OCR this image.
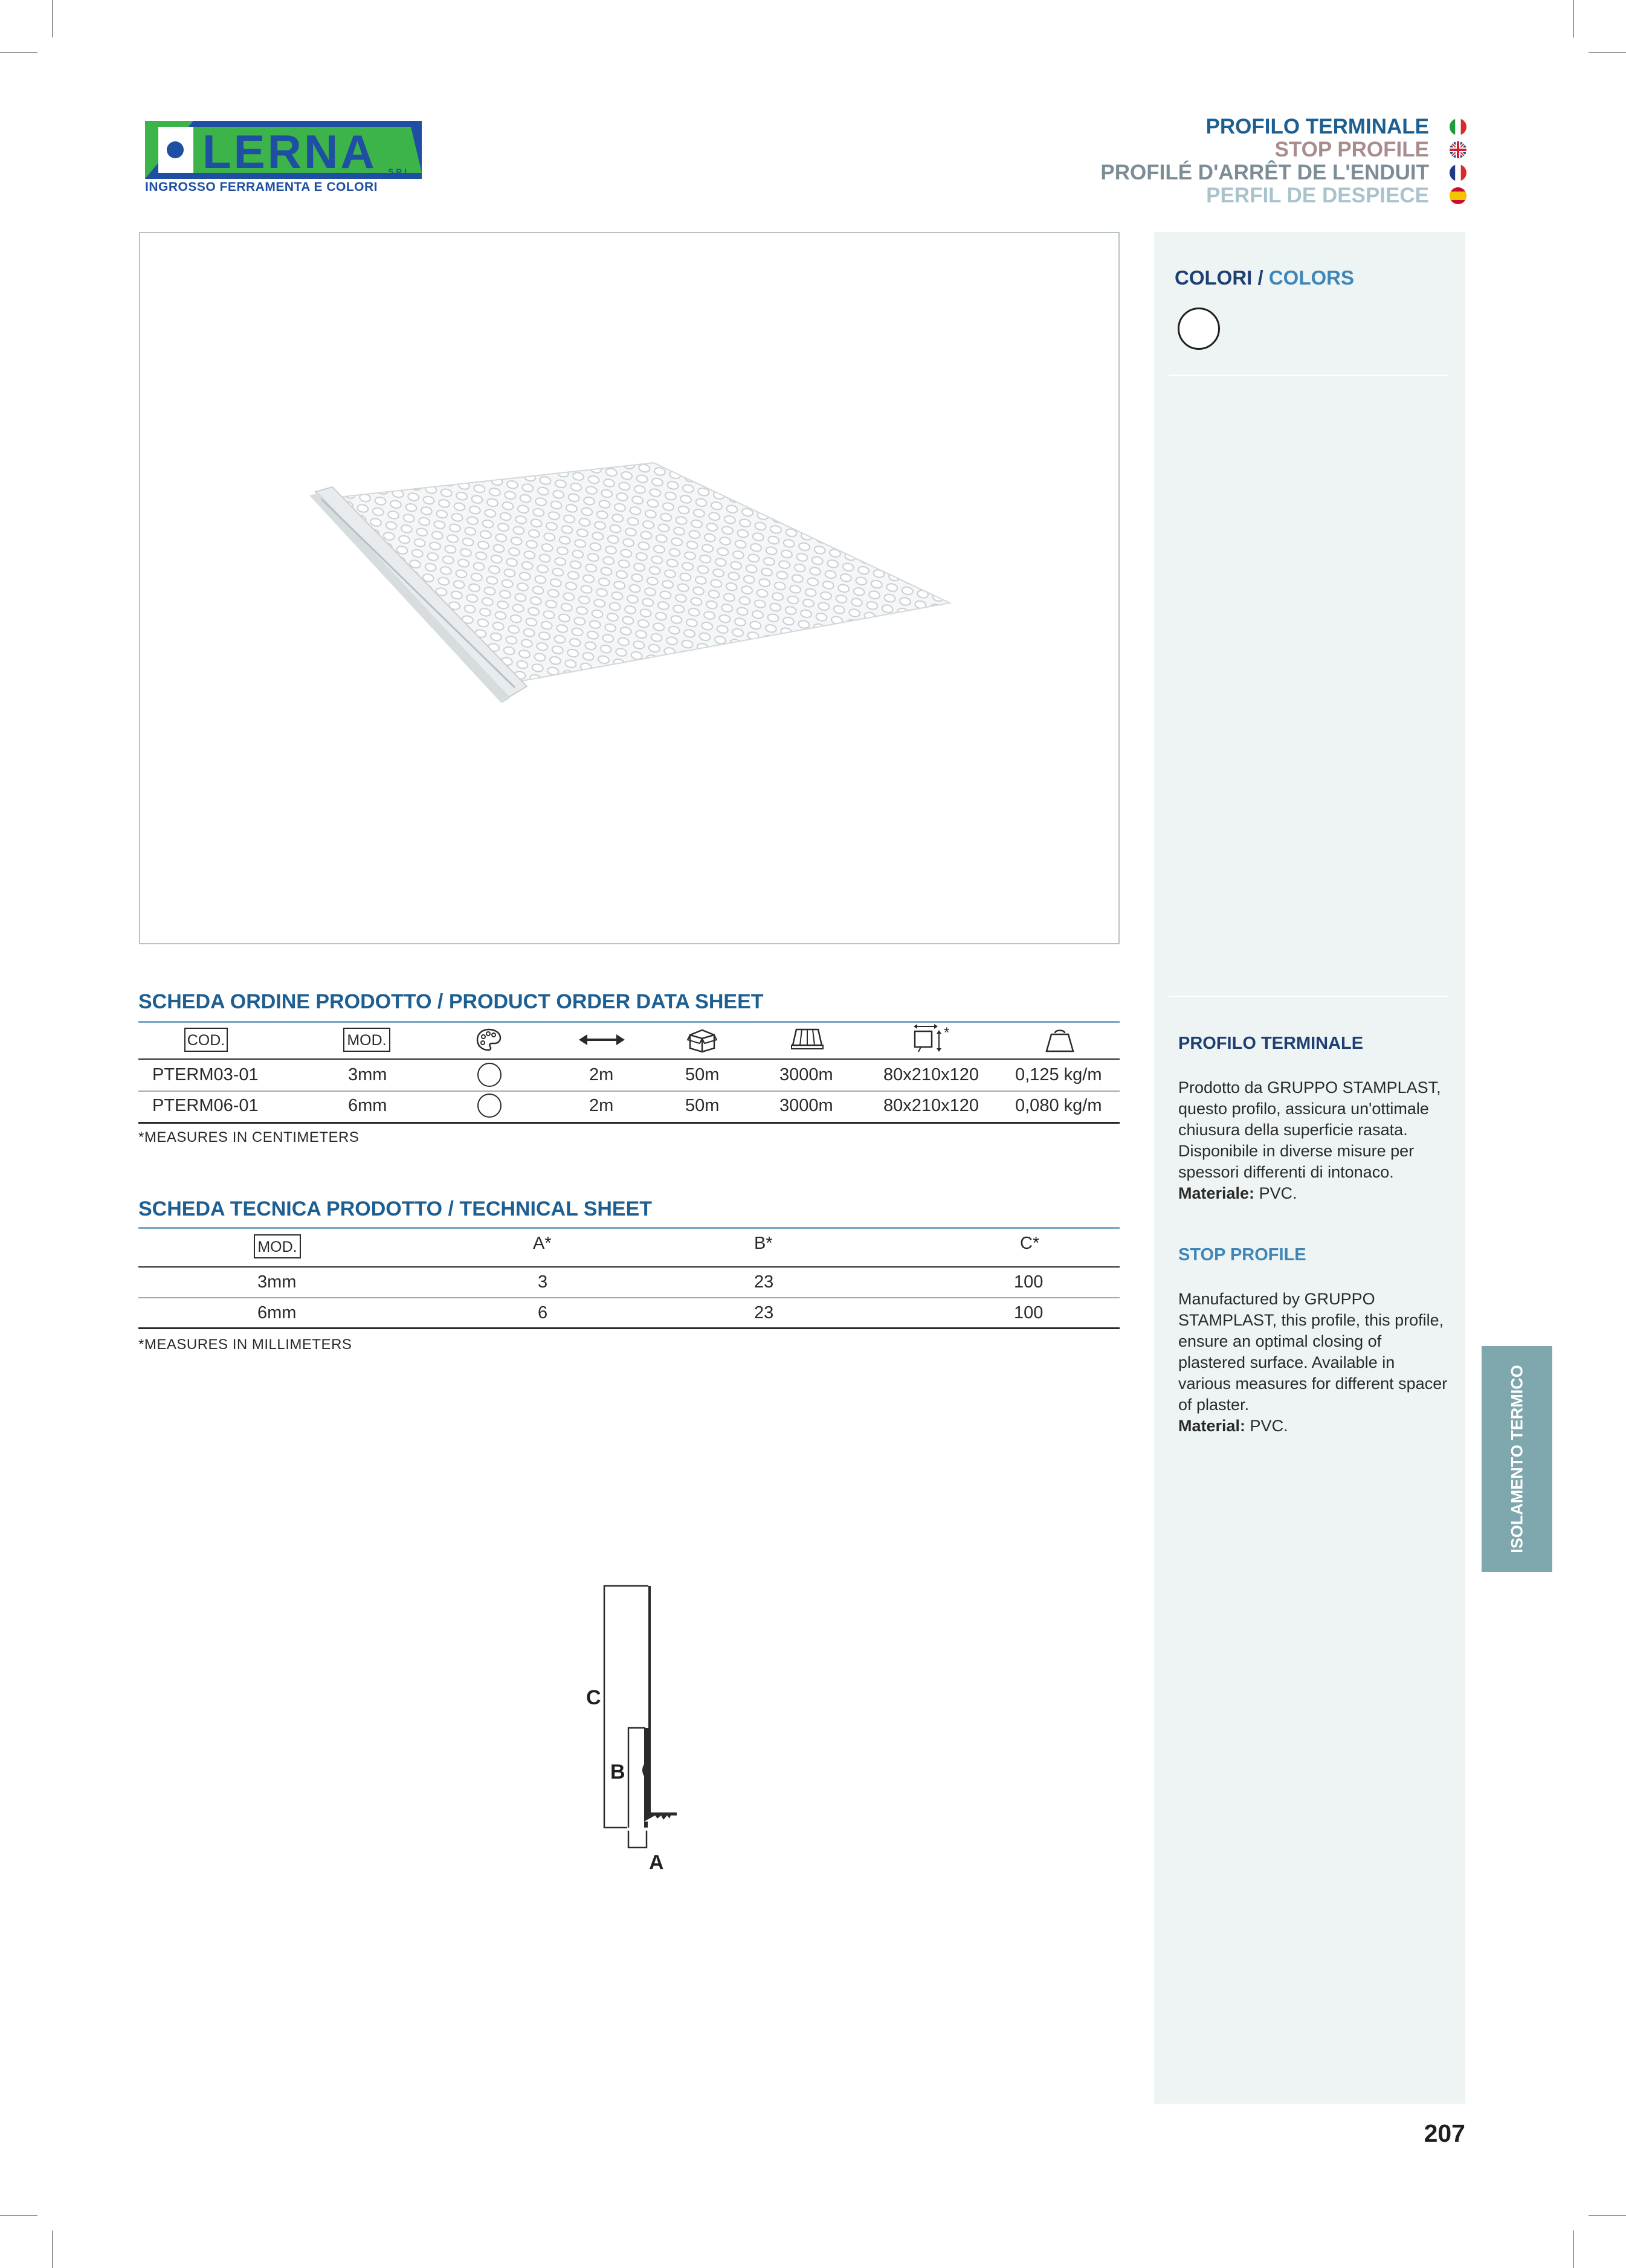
LERNA S.R.L.
INGROSSO FERRAMENTA E COLORI
PROFILO TERMINALE
STOP PROFILE
PROFILÉ D'ARRÊT DE L'ENDUIT
PERFIL DE DESPIECE
COLORI / COLORS
PROFILO TERMINALE
Prodotto da GRUPPO STAMPLAST, questo profilo, assicura un'ottimale chiusura della superficie rasata. Disponibile in diverse misure per spessori differenti di intonaco.
Materiale: PVC.
STOP PROFILE
Manufactured by GRUPPO STAMPLAST, this profile, this profile, ensure an optimal closing of plastered surface. Available in various measures for different spacer of plaster.
Material: PVC.	ISOLAMENTO TERMICO
SCHEDA ORDINE PRODOTTO / PRODUCT ORDER DATA SHEET
COD.	MOD.	*
PTERM03-01	3mm	2m	50m	3000m	80x210x120 0,125 kg/m
PTERM06-01	6mm	2m	50m	3000m	80x210x120 0,080 kg/m
*MEASURES IN CENTIMETERS
SCHEDA TECNICA PRODOTTO / TECHNICAL SHEET
MOD.	A*	B*	C*
3mm	3	23	100
6mm	6	23	100
*MEASURES IN MILLIMETERS
C
B
A
207
